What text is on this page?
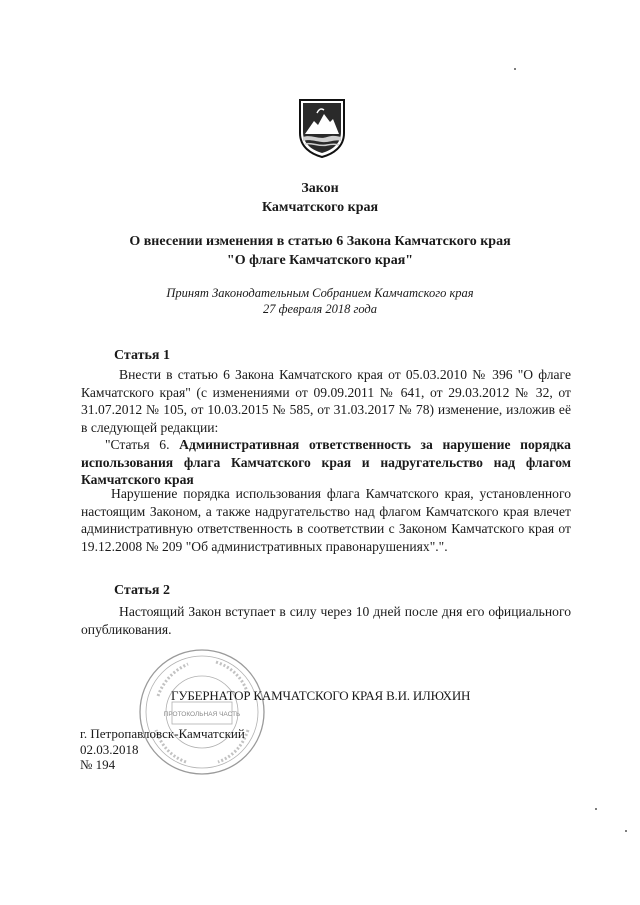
Закон
Камчатского края
О внесении изменения в статью 6 Закона Камчатского края
"О флаге Камчатского края"
Принят Законодательным Собранием Камчатского края
27 февраля 2018 года
Статья 1
Внести в статью 6 Закона Камчатского края от 05.03.2010 № 396 "О флаге Камчатского края" (с изменениями от 09.09.2011 № 641, от 29.03.2012 № 32, от 31.07.2012 № 105, от 10.03.2015 № 585, от 31.03.2017 № 78) изменение, изложив её в следующей редакции:
"Статья 6. Административная ответственность за нарушение порядка использования флага Камчатского края и надругательство над флагом Камчатского края
Нарушение порядка использования флага Камчатского края, установленного настоящим Законом, а также надругательство над флагом Камчатского края влечет административную ответственность в соответствии с Законом Камчатского края от 19.12.2008 № 209 "Об административных правонарушениях".".
Статья 2
Настоящий Закон вступает в силу через 10 дней после дня его официального опубликования.
ПРОТОКОЛЬНАЯ ЧАСТЬ
ГУБЕРНАТОР КАМЧАТСКОГО КРАЯ В.И. ИЛЮХИН
г. Петропавловск-Камчатский
02.03.2018
№ 194
